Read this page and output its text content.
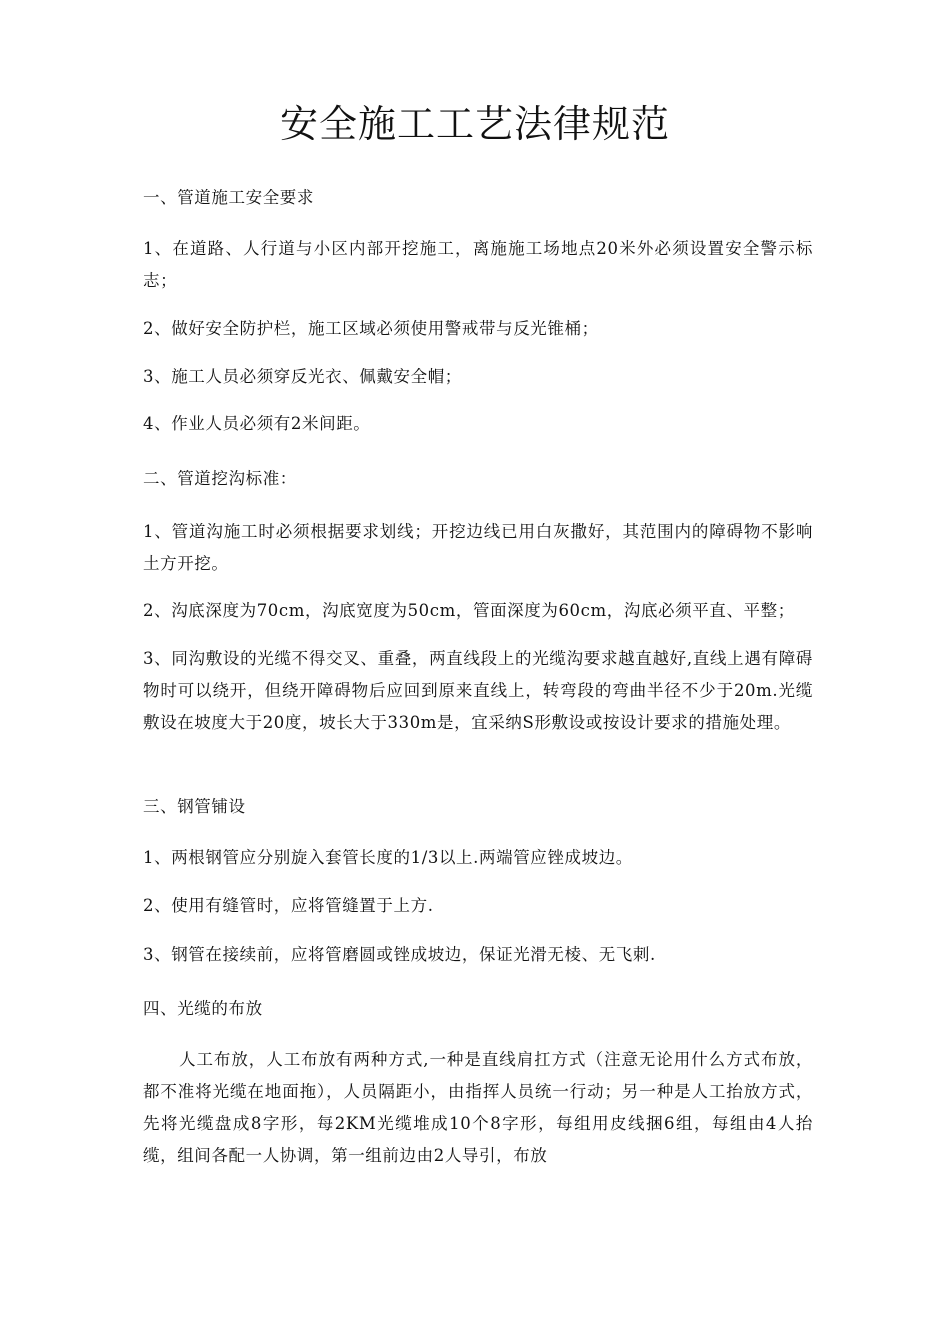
安全施工工艺法律规范

一、管道施工安全要求

1、在道路、人行道与小区内部开挖施工，离施施工场地点20米外必须设置安全警示标志；

2、做好安全防护栏，施工区域必须使用警戒带与反光锥桶；

3、施工人员必须穿反光衣、佩戴安全帽；

4、作业人员必须有2米间距。

二、管道挖沟标准：

1、管道沟施工时必须根据要求划线；开挖边线已用白灰撒好，其范围内的障碍物不影响土方开挖。

2、沟底深度为70cm，沟底宽度为50cm，管面深度为60cm，沟底必须平直、平整；

3、同沟敷设的光缆不得交叉、重叠，两直线段上的光缆沟要求越直越好,直线上遇有障碍物时可以绕开，但绕开障碍物后应回到原来直线上，转弯段的弯曲半径不少于20m.光缆敷设在坡度大于20度，坡长大于330m是，宜采纳S形敷设或按设计要求的措施处理。

三、钢管铺设

1、两根钢管应分别旋入套管长度的1/3以上.两端管应锉成坡边。

2、使用有缝管时，应将管缝置于上方.

3、钢管在接续前，应将管磨圆或锉成坡边，保证光滑无棱、无飞刺.

四、光缆的布放

人工布放，人工布放有两种方式,一种是直线肩扛方式（注意无论用什么方式布放，都不准将光缆在地面拖），人员隔距小，由指挥人员统一行动；另一种是人工抬放方式，先将光缆盘成8字形，每2KM光缆堆成10个8字形，每组用皮线捆6组，每组由4人抬缆，组间各配一人协调，第一组前边由2人导引，布放
